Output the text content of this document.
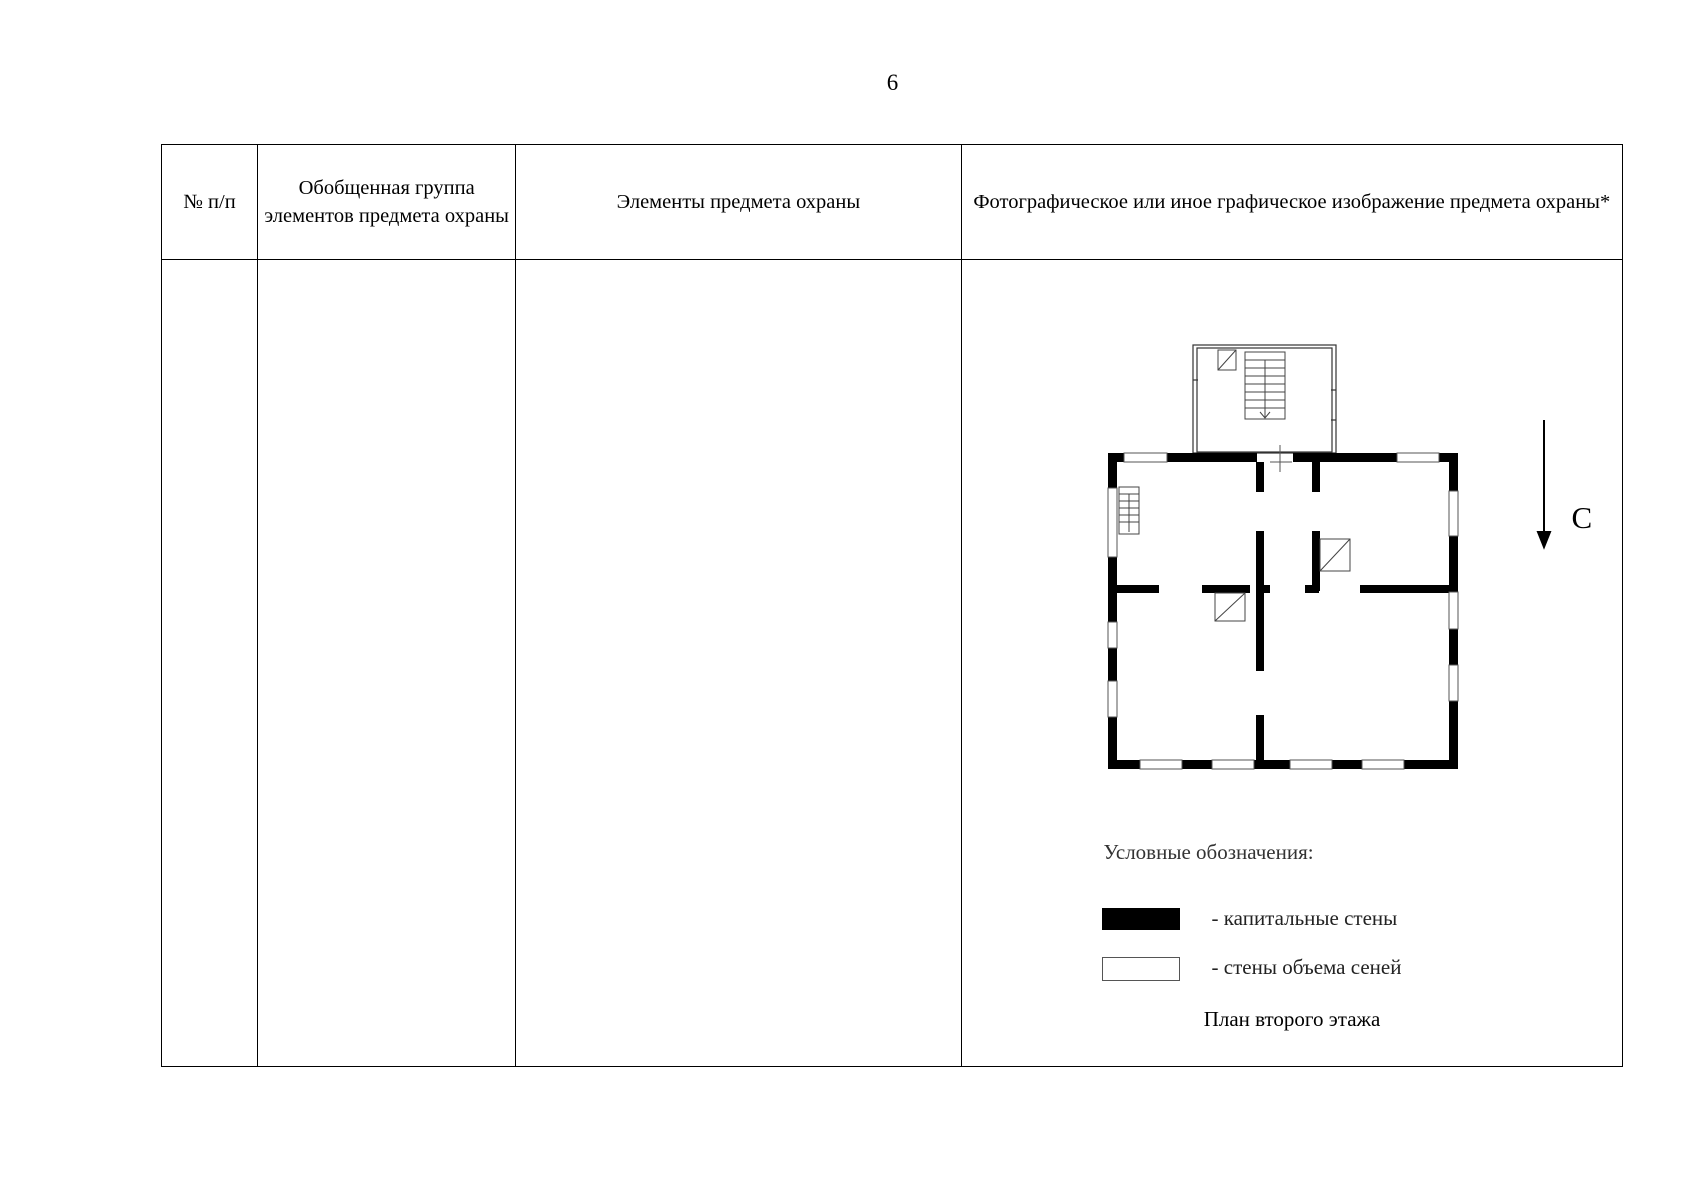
6
№ п/п	Обобщенная группа элементов предмета охраны	Элементы предмета охраны	Фотографическое или иное графическое изображение предмета охраны*

			С
Условные обозначения:
- капитальные стены
- стены объема сеней
План второго этажа
